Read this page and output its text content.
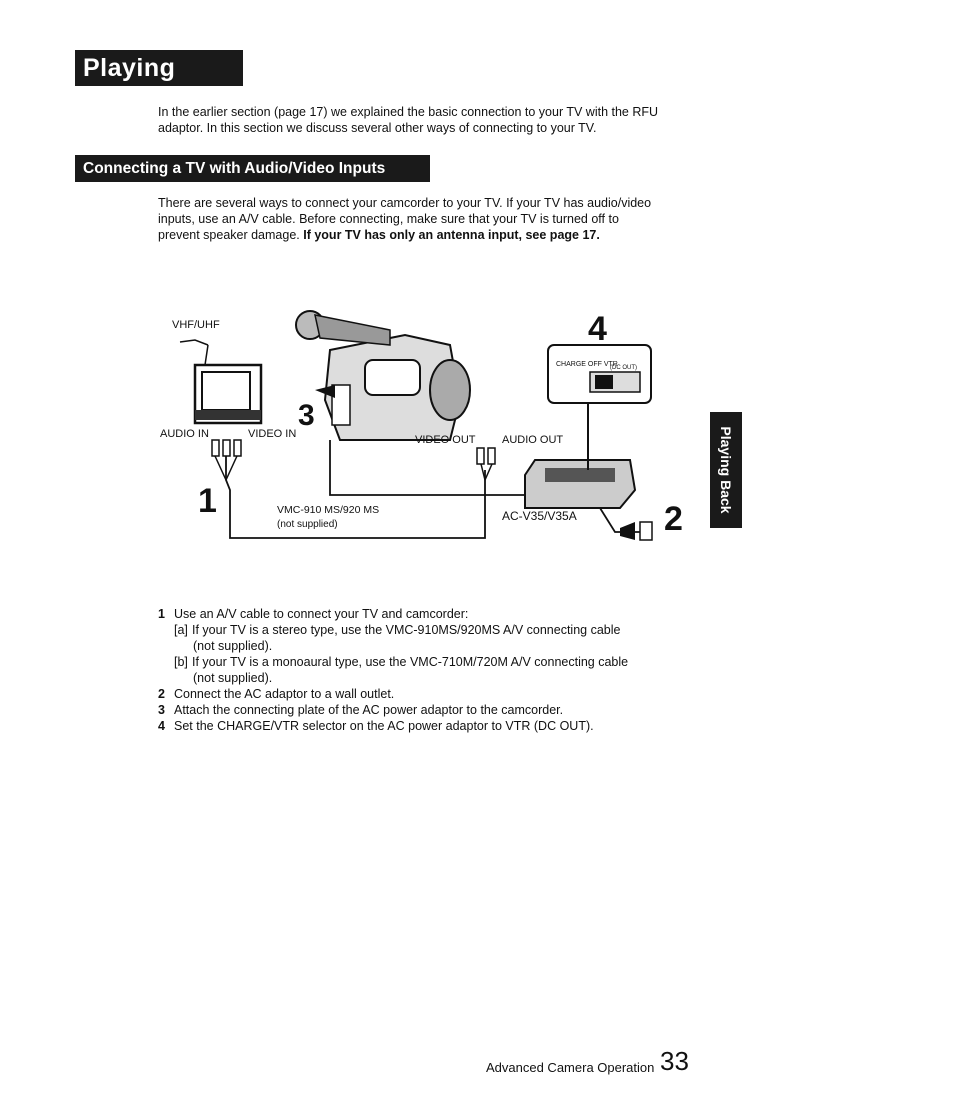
Playing Back	In the earlier section (page 17) we explained the basic connection to your TV with the RFU
adaptor. In this section we discuss several other ways of connecting to your TV.
Connecting a TV with Audio/Video Inputs
There are several ways to connect your camcorder to your TV. If your TV has audio/video
inputs, use an A/V cable. Before connecting, make sure that your TV is turned off to
prevent speaker damage. If your TV has only an antenna input, see page 17.
VHF/UHF
AUDIO IN	VIDEO IN	VIDEO OUT AUDIO OUT
VMC-910 MS/920 MS
(not supplied)
AC-V35/V35A
CHARGE OFF VTR
(DC OUT)
1	2
3
4
Playing Back
1 Use an A/V cable to connect your TV and camcorder:
[a] If your TV is a stereo type, use the VMC-910MS/920MS A/V connecting cable
(not supplied).
[b] If your TV is a monoaural type, use the VMC-710M/720M A/V connecting cable
(not supplied).
2 Connect the AC adaptor to a wall outlet.
3 Attach the connecting plate of the AC power adaptor to the camcorder.
4 Set the CHARGE/VTR selector on the AC power adaptor to VTR (DC OUT).
Advanced Camera Operation 33
